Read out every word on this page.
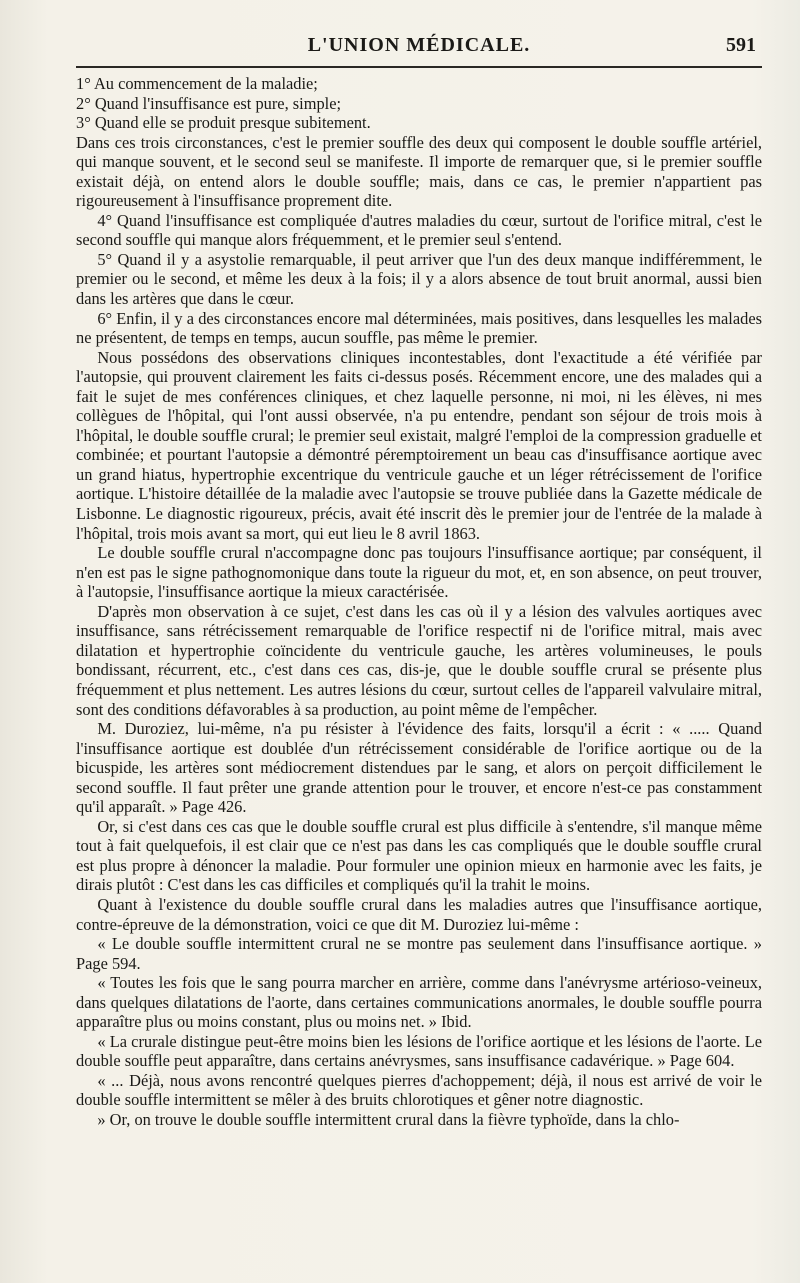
L'UNION MÉDICALE.	591

1° Au commencement de la maladie;

2° Quand l'insuffisance est pure, simple;

3° Quand elle se produit presque subitement.

Dans ces trois circonstances, c'est le premier souffle des deux qui composent le double souffle artériel, qui manque souvent, et le second seul se manifeste. Il importe de remarquer que, si le premier souffle existait déjà, on entend alors le double souffle; mais, dans ce cas, le premier n'appartient pas rigoureusement à l'insuffisance proprement dite.

4° Quand l'insuffisance est compliquée d'autres maladies du cœur, surtout de l'orifice mitral, c'est le second souffle qui manque alors fréquemment, et le premier seul s'entend.

5° Quand il y a asystolie remarquable, il peut arriver que l'un des deux manque indifféremment, le premier ou le second, et même les deux à la fois; il y a alors absence de tout bruit anormal, aussi bien dans les artères que dans le cœur.

6° Enfin, il y a des circonstances encore mal déterminées, mais positives, dans lesquelles les malades ne présentent, de temps en temps, aucun souffle, pas même le premier.

Nous possédons des observations cliniques incontestables, dont l'exactitude a été vérifiée par l'autopsie, qui prouvent clairement les faits ci-dessus posés. Récemment encore, une des malades qui a fait le sujet de mes conférences cliniques, et chez laquelle personne, ni moi, ni les élèves, ni mes collègues de l'hôpital, qui l'ont aussi observée, n'a pu entendre, pendant son séjour de trois mois à l'hôpital, le double souffle crural; le premier seul existait, malgré l'emploi de la compression graduelle et combinée; et pourtant l'autopsie a démontré péremptoirement un beau cas d'insuffisance aortique avec un grand hiatus, hypertrophie excentrique du ventricule gauche et un léger rétrécissement de l'orifice aortique. L'histoire détaillée de la maladie avec l'autopsie se trouve publiée dans la Gazette médicale de Lisbonne. Le diagnostic rigoureux, précis, avait été inscrit dès le premier jour de l'entrée de la malade à l'hôpital, trois mois avant sa mort, qui eut lieu le 8 avril 1863.

Le double souffle crural n'accompagne donc pas toujours l'insuffisance aortique; par conséquent, il n'en est pas le signe pathognomonique dans toute la rigueur du mot, et, en son absence, on peut trouver, à l'autopsie, l'insuffisance aortique la mieux caractérisée.

D'après mon observation à ce sujet, c'est dans les cas où il y a lésion des valvules aortiques avec insuffisance, sans rétrécissement remarquable de l'orifice respectif ni de l'orifice mitral, mais avec dilatation et hypertrophie coïncidente du ventricule gauche, les artères volumineuses, le pouls bondissant, récurrent, etc., c'est dans ces cas, dis-je, que le double souffle crural se présente plus fréquemment et plus nettement. Les autres lésions du cœur, surtout celles de l'appareil valvulaire mitral, sont des conditions défavorables à sa production, au point même de l'empêcher.

M. Duroziez, lui-même, n'a pu résister à l'évidence des faits, lorsqu'il a écrit : « ..... Quand l'insuffisance aortique est doublée d'un rétrécissement considérable de l'orifice aortique ou de la bicuspide, les artères sont médiocrement distendues par le sang, et alors on perçoit difficilement le second souffle. Il faut prêter une grande attention pour le trouver, et encore n'est-ce pas constamment qu'il apparaît. » Page 426.

Or, si c'est dans ces cas que le double souffle crural est plus difficile à s'entendre, s'il manque même tout à fait quelquefois, il est clair que ce n'est pas dans les cas compliqués que le double souffle crural est plus propre à dénoncer la maladie. Pour formuler une opinion mieux en harmonie avec les faits, je dirais plutôt : C'est dans les cas difficiles et compliqués qu'il la trahit le moins.

Quant à l'existence du double souffle crural dans les maladies autres que l'insuffisance aortique, contre-épreuve de la démonstration, voici ce que dit M. Duroziez lui-même :

« Le double souffle intermittent crural ne se montre pas seulement dans l'insuffisance aortique. » Page 594.

« Toutes les fois que le sang pourra marcher en arrière, comme dans l'anévrysme artérioso-veineux, dans quelques dilatations de l'aorte, dans certaines communications anormales, le double souffle pourra apparaître plus ou moins constant, plus ou moins net. » Ibid.

« La crurale distingue peut-être moins bien les lésions de l'orifice aortique et les lésions de l'aorte. Le double souffle peut apparaître, dans certains anévrysmes, sans insuffisance cadavérique. » Page 604.

« ... Déjà, nous avons rencontré quelques pierres d'achoppement; déjà, il nous est arrivé de voir le double souffle intermittent se mêler à des bruits chlorotiques et gêner notre diagnostic.

» Or, on trouve le double souffle intermittent crural dans la fièvre typhoïde, dans la chlo-
